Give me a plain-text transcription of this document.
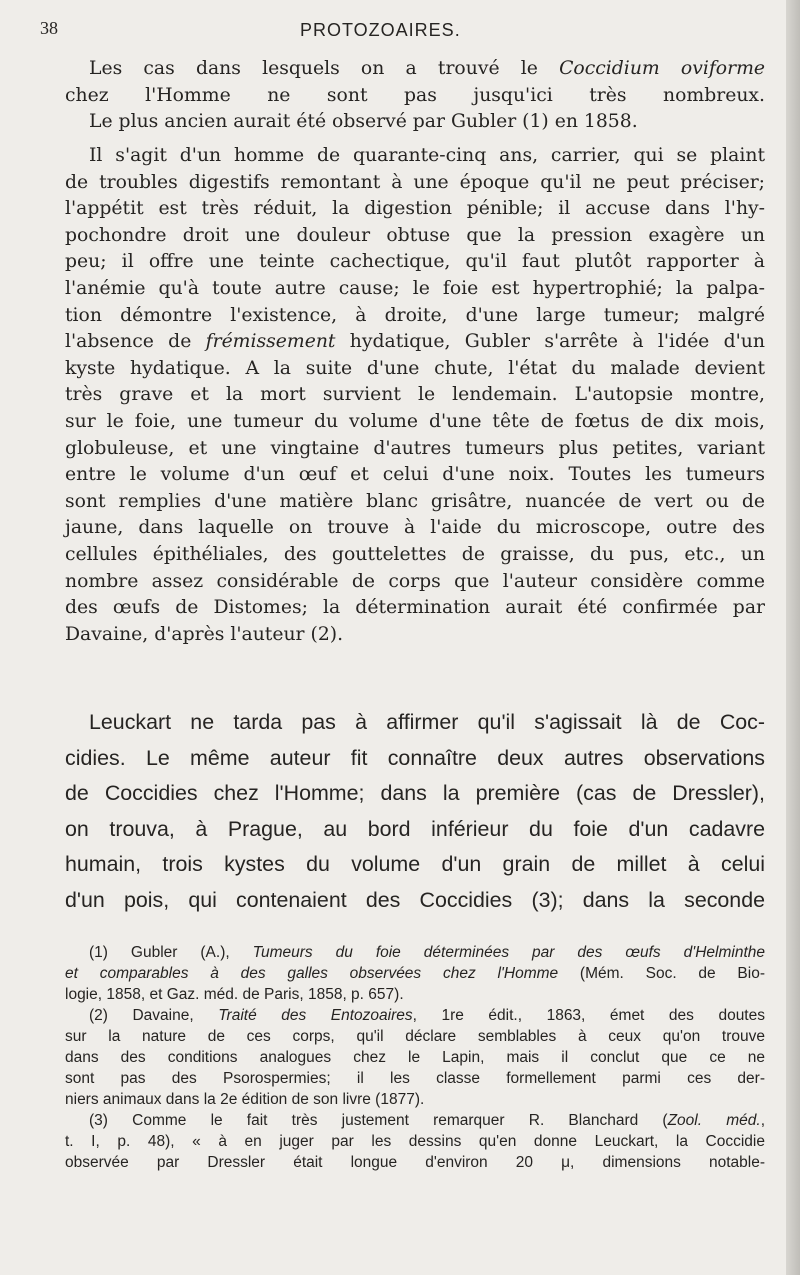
38	PROTOZOAIRES.
Les cas dans lesquels on a trouvé le Coccidium oviforme
chez l'Homme ne sont pas jusqu'ici très nombreux.
Le plus ancien aurait été observé par Gubler (1) en 1858.
Il s'agit d'un homme de quarante-cinq ans, carrier, qui se plaint
de troubles digestifs remontant à une époque qu'il ne peut préciser;
l'appétit est très réduit, la digestion pénible; il accuse dans l'hy-
pochondre droit une douleur obtuse que la pression exagère un
peu; il offre une teinte cachectique, qu'il faut plutôt rapporter à
l'anémie qu'à toute autre cause; le foie est hypertrophié; la palpa-
tion démontre l'existence, à droite, d'une large tumeur; malgré
l'absence de frémissement hydatique, Gubler s'arrête à l'idée d'un
kyste hydatique. A la suite d'une chute, l'état du malade devient
très grave et la mort survient le lendemain. L'autopsie montre,
sur le foie, une tumeur du volume d'une tête de fœtus de dix mois,
globuleuse, et une vingtaine d'autres tumeurs plus petites, variant
entre le volume d'un œuf et celui d'une noix. Toutes les tumeurs
sont remplies d'une matière blanc grisâtre, nuancée de vert ou de
jaune, dans laquelle on trouve à l'aide du microscope, outre des
cellules épithéliales, des gouttelettes de graisse, du pus, etc., un
nombre assez considérable de corps que l'auteur considère comme
des œufs de Distomes; la détermination aurait été confirmée par
Davaine, d'après l'auteur (2).
Leuckart ne tarda pas à affirmer qu'il s'agissait là de Coc-
cidies. Le même auteur fit connaître deux autres observations
de Coccidies chez l'Homme; dans la première (cas de Dressler),
on trouva, à Prague, au bord inférieur du foie d'un cadavre
humain, trois kystes du volume d'un grain de millet à celui
d'un pois, qui contenaient des Coccidies (3); dans la seconde
(1) Gubler (A.), Tumeurs du foie déterminées par des œufs d'Helminthe
et comparables à des galles observées chez l'Homme (Mém. Soc. de Bio-
logie, 1858, et Gaz. méd. de Paris, 1858, p. 657).
(2) Davaine, Traité des Entozoaires, 1re édit., 1863, émet des doutes
sur la nature de ces corps, qu'il déclare semblables à ceux qu'on trouve
dans des conditions analogues chez le Lapin, mais il conclut que ce ne
sont pas des Psorospermies; il les classe formellement parmi ces der-
niers animaux dans la 2e édition de son livre (1877).
(3) Comme le fait très justement remarquer R. Blanchard (Zool. méd.,
t. I, p. 48), « à en juger par les dessins qu'en donne Leuckart, la Coccidie
observée par Dressler était longue d'environ 20 μ, dimensions notable-
